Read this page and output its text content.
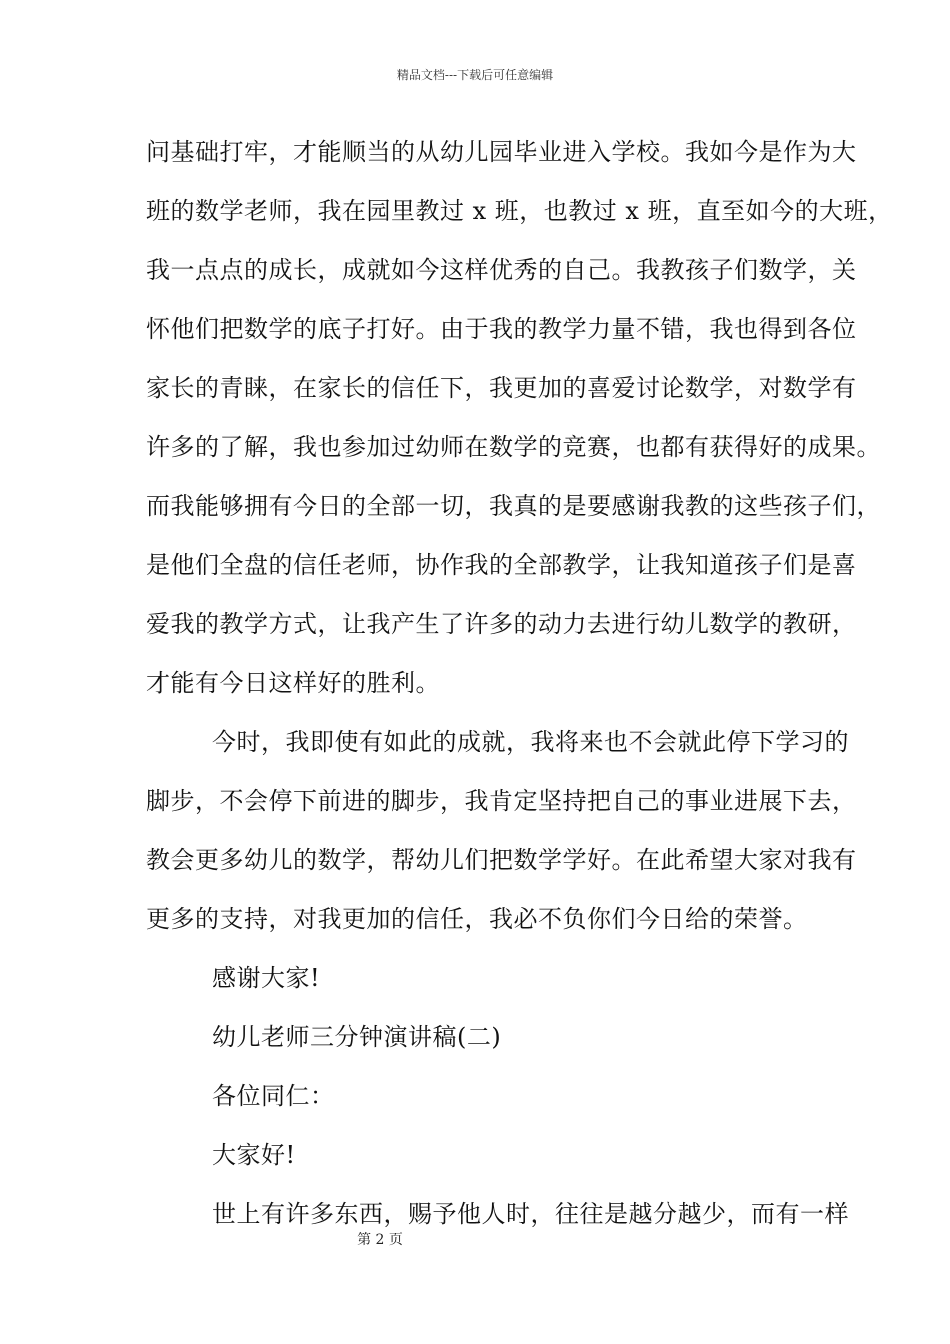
精品文档---下载后可任意编辑
问基础打牢，才能顺当的从幼儿园毕业进入学校。我如今是作为大
班的数学老师，我在园里教过 x 班，也教过 x 班，直至如今的大班，
我一点点的成长，成就如今这样优秀的自己。我教孩子们数学，关
怀他们把数学的底子打好。由于我的教学力量不错，我也得到各位
家长的青睐，在家长的信任下，我更加的喜爱讨论数学，对数学有
许多的了解，我也参加过幼师在数学的竞赛，也都有获得好的成果。
而我能够拥有今日的全部一切，我真的是要感谢我教的这些孩子们，
是他们全盘的信任老师，协作我的全部教学，让我知道孩子们是喜
爱我的教学方式，让我产生了许多的动力去进行幼儿数学的教研，
才能有今日这样好的胜利。
今时，我即使有如此的成就，我将来也不会就此停下学习的
脚步，不会停下前进的脚步，我肯定坚持把自己的事业进展下去，
教会更多幼儿的数学，帮幼儿们把数学学好。在此希望大家对我有
更多的支持，对我更加的信任，我必不负你们今日给的荣誉。
感谢大家!
幼儿老师三分钟演讲稿(二)
各位同仁：
大家好!
世上有许多东西，赐予他人时，往往是越分越少，而有一样
第 2 页
